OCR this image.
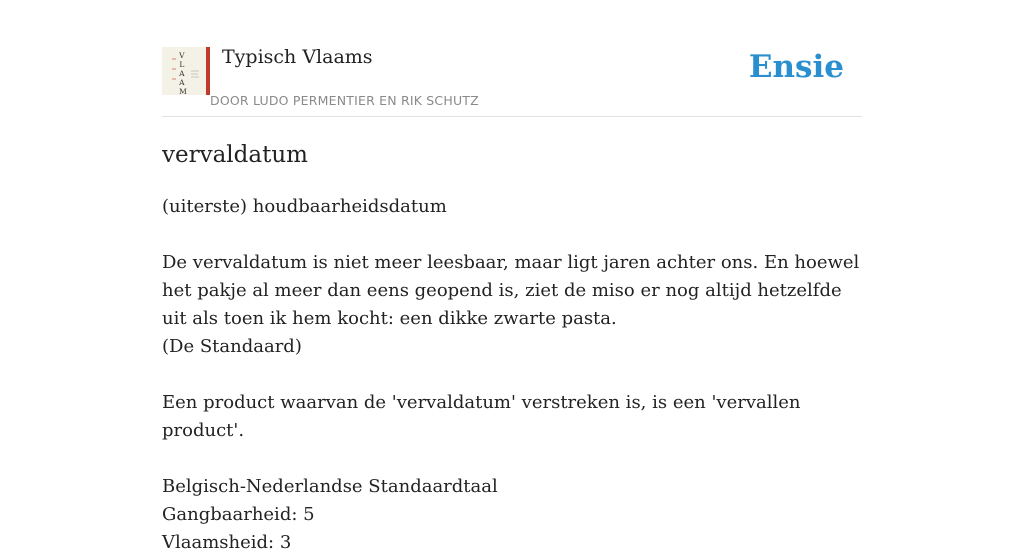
V L A A M
Typisch Vlaams
DOOR LUDO PERMENTIER EN RIK SCHUTZ
Ensie
vervaldatum

(uiterste) houdbaarheidsdatum

De vervaldatum is niet meer leesbaar, maar ligt jaren achter ons. En hoewel het pakje al meer dan eens geopend is, ziet de miso er nog altijd hetzelfde uit als toen ik hem kocht: een dikke zwarte pasta.
(De Standaard)

Een product waarvan de 'vervaldatum' verstreken is, is een 'vervallen product'.

Belgisch-Nederlandse Standaardtaal
Gangbaarheid: 5
Vlaamsheid: 3
